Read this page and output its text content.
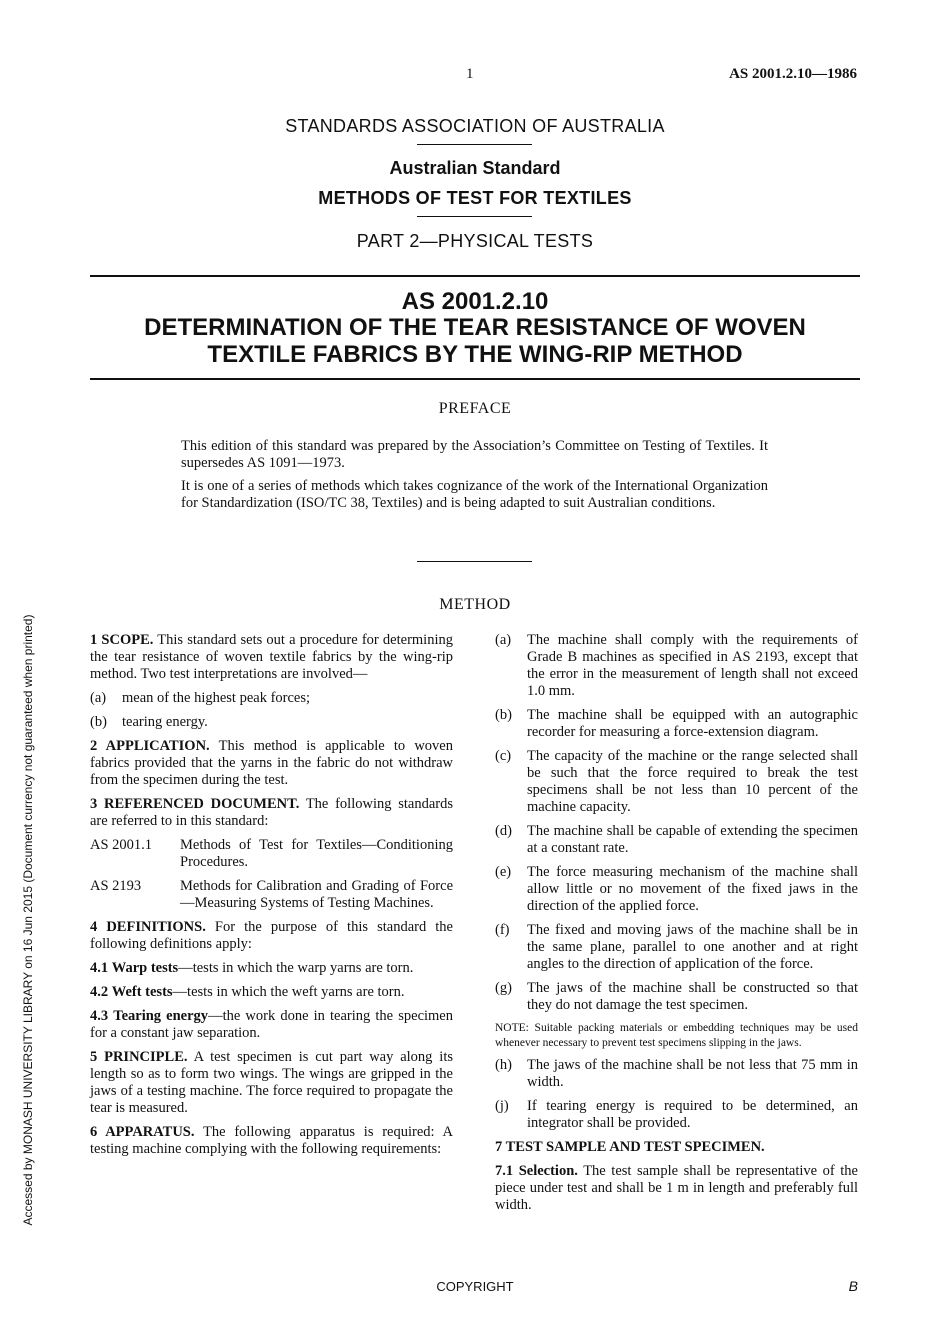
1	AS 2001.2.10—1986
STANDARDS ASSOCIATION OF AUSTRALIA
Australian Standard
METHODS OF TEST FOR TEXTILES
PART 2—PHYSICAL TESTS
AS 2001.2.10
DETERMINATION OF THE TEAR RESISTANCE OF WOVEN
TEXTILE FABRICS BY THE WING-RIP METHOD
PREFACE

This edition of this standard was prepared by the Association’s Committee on Testing of Textiles. It supersedes AS 1091—1973.

It is one of a series of methods which takes cognizance of the work of the International Organization for Standardization (ISO/TC 38, Textiles) and is being adapted to suit Australian conditions.

METHOD

1 SCOPE. This standard sets out a procedure for determining the tear resistance of woven textile fabrics by the wing-rip method. Two test interpretations are involved—

(a)	mean of the highest peak forces;
(b)	tearing energy.

2 APPLICATION. This method is applicable to woven fabrics provided that the yarns in the fabric do not withdraw from the specimen during the test.

3 REFERENCED DOCUMENT. The following standards are referred to in this standard:

AS 2001.1	Methods of Test for Textiles—Conditioning Procedures.
AS 2193	Methods for Calibration and Grading of Force—Measuring Systems of Testing Machines.

4 DEFINITIONS. For the purpose of this standard the following definitions apply:

4.1 Warp tests—tests in which the warp yarns are torn.

4.2 Weft tests—tests in which the weft yarns are torn.

4.3 Tearing energy—the work done in tearing the specimen for a constant jaw separation.

5 PRINCIPLE. A test specimen is cut part way along its length so as to form two wings. The wings are gripped in the jaws of a testing machine. The force required to propagate the tear is measured.

6 APPARATUS. The following apparatus is required: A testing machine complying with the following requirements:

(a)	The machine shall comply with the requirements of Grade B machines as specified in AS 2193, except that the error in the measurement of length shall not exceed 1.0 mm.
(b)	The machine shall be equipped with an autographic recorder for measuring a force-extension diagram.
(c)	The capacity of the machine or the range selected shall be such that the force required to break the test specimens shall be not less than 10 percent of the machine capacity.
(d)	The machine shall be capable of extending the specimen at a constant rate.
(e)	The force measuring mechanism of the machine shall allow little or no movement of the fixed jaws in the direction of the applied force.
(f)	The fixed and moving jaws of the machine shall be in the same plane, parallel to one another and at right angles to the direction of application of the force.
(g)	The jaws of the machine shall be constructed so that they do not damage the test specimen.

NOTE: Suitable packing materials or embedding techniques may be used whenever necessary to prevent test specimens slipping in the jaws.

(h)	The jaws of the machine shall be not less that 75 mm in width.
(j)	If tearing energy is required to be determined, an integrator shall be provided.

7 TEST SAMPLE AND TEST SPECIMEN.

7.1 Selection. The test sample shall be representative of the piece under test and shall be 1 m in length and preferably full width.

Accessed by MONASH UNIVERSITY LIBRARY on 16 Jun 2015 (Document currency not guaranteed when printed)
COPYRIGHT	B
